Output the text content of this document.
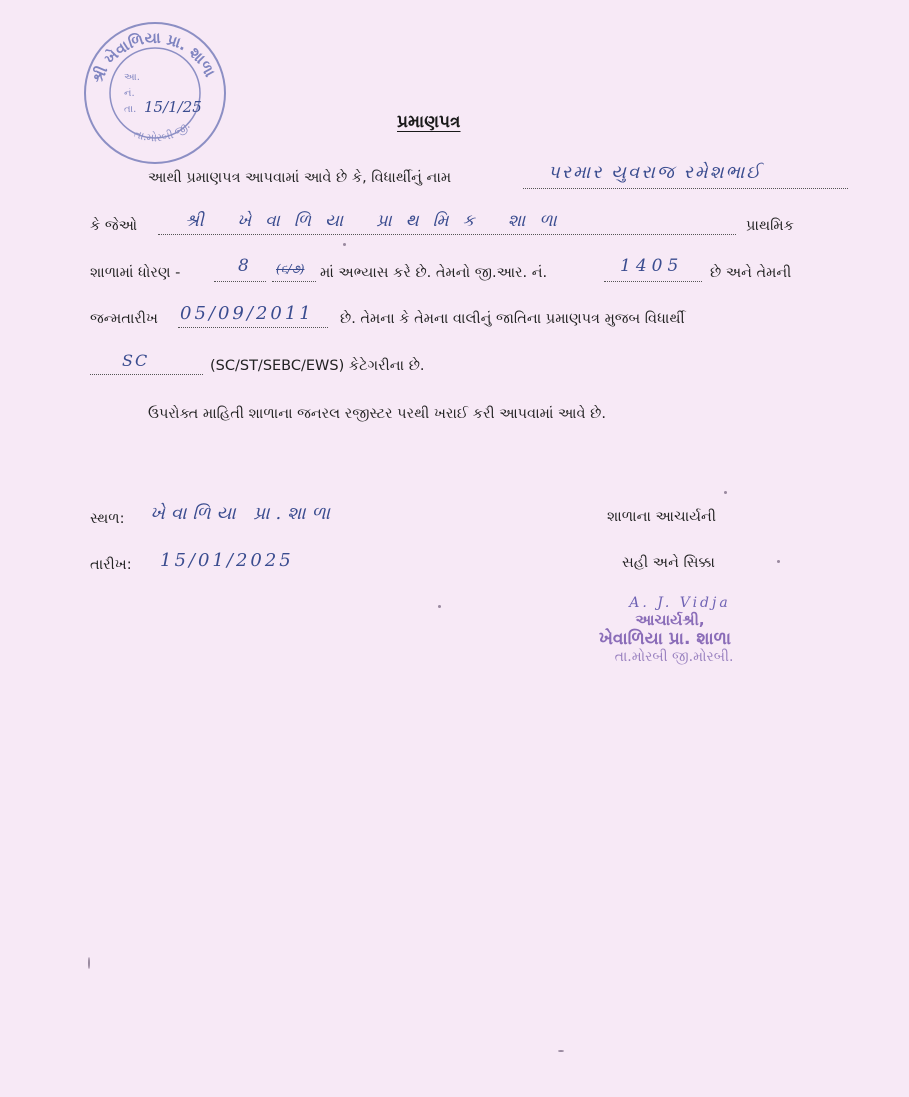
શ્રી ખેવાળિયા પ્રા. શાળા
તા.મોરબી જી.
આ.
નં.
તા. 15/1/25
પ્રમાણપત્ર
આથી પ્રમાણપત્ર આપવામાં આવે છે કે, વિધાર્થીનું નામ	પરમાર યુવરાજ રમેશભાઈ
કે જેઓ	શ્રી ખેવાળિયા પ્રાથમિક શાળા	પ્રાથમિક
શાળામાં ધોરણ -	8 (૬/૭) માં અભ્યાસ કરે છે. તેમનો જી.આર. નં.	1405 છે અને તેમની
જન્મતારીખ 05/09/2011 છે. તેમના કે તેમના વાલીનું જાતિના પ્રમાણપત્ર મુજબ વિધાર્થી
SC	(SC/ST/SEBC/EWS) કેટેગરીના છે.
ઉપરોક્ત માહિતી શાળાના જનરલ રજીસ્ટર પરથી ખરાઈ કરી આપવામાં આવે છે.
સ્થળ: ખેવાળિયા પ્રા.શાળા
તારીખ: 15/01/2025
શાળાના આચાર્યની
સહી અને સિક્કા
A. J. Vidja
આચાર્યશ્રી,
ખેવાળિયા પ્રા. શાળા
તા.મોરબી જી.મોરબી.
